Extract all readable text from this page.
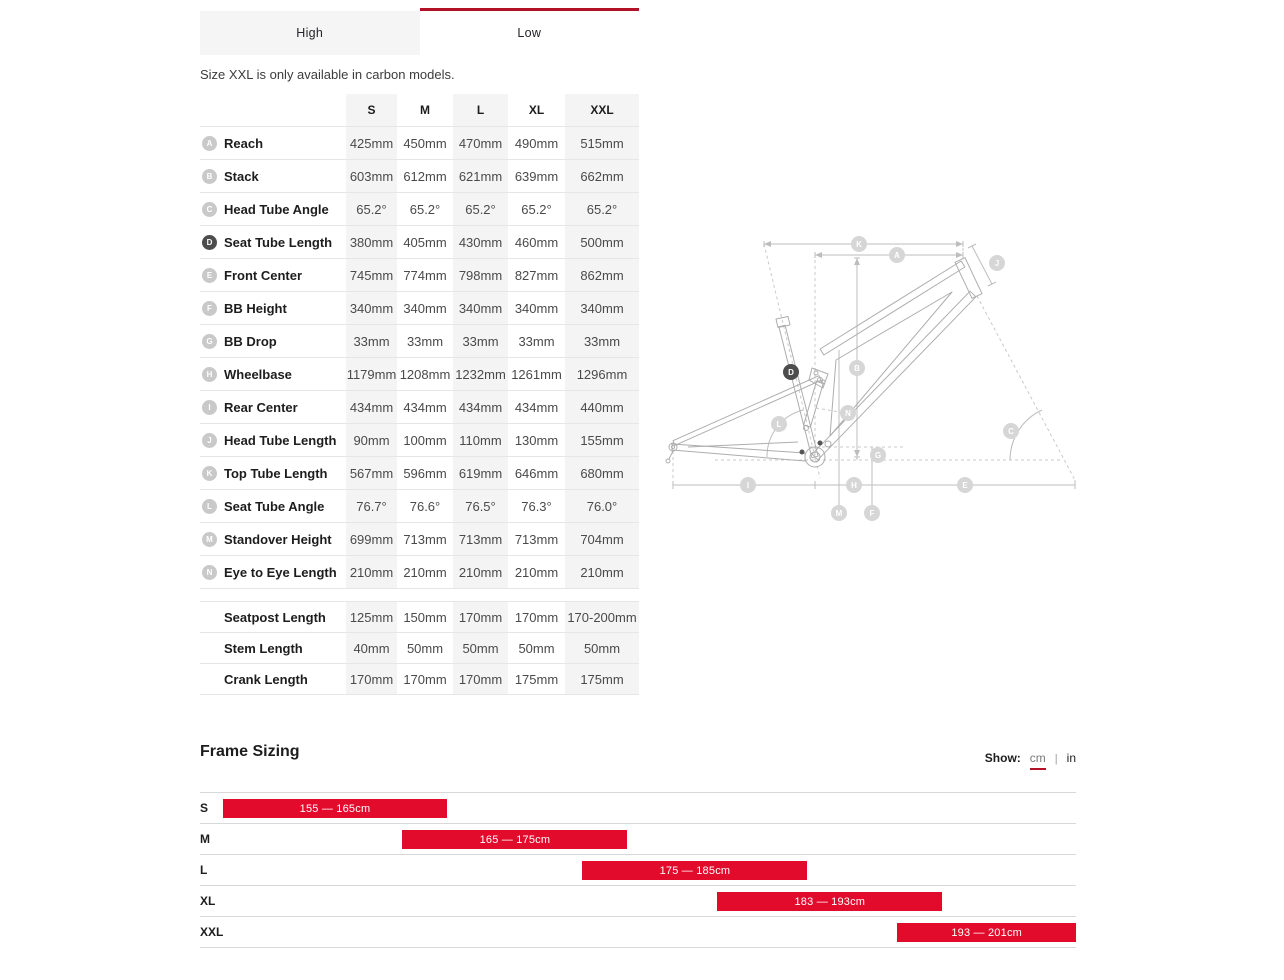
High	Low
Size XXL is only available in carbon models.
S	M	L	XL	XXL
A Reach	425mm 450mm 470mm 490mm	515mm
B Stack	603mm 612mm 621mm 639mm	662mm
C Head Tube Angle	65.2°	65.2°	65.2°	65.2°	65.2°
D Seat Tube Length 380mm 405mm 430mm 460mm	500mm
E Front Center	745mm 774mm 798mm 827mm	862mm
F BB Height	340mm 340mm 340mm 340mm	340mm
G BB Drop	33mm	33mm	33mm	33mm	33mm
H Wheelbase	1179mm 1208mm 1232mm 1261mm	1296mm
I	Rear Center	434mm 434mm 434mm 434mm	440mm
J Head Tube Length	90mm	100mm 110mm	130mm	155mm
K Top Tube Length 567mm 596mm 619mm 646mm	680mm
L Seat Tube Angle	76.7°	76.6°	76.5°	76.3°	76.0°
M Standover Height 699mm 713mm 713mm 713mm	704mm
N Eye to Eye Length 210mm 210mm 210mm 210mm	210mm
Seatpost Length 125mm 150mm 170mm 170mm 170-200mm
Stem Length	40mm	50mm	50mm	50mm	50mm
Crank Length	170mm 170mm 170mm 175mm	175mm
A
B
C
D
E
F
G
H
I
J
K
L
M
N
Frame Sizing	Show: cm | in
S	155 — 165cm
M	165 — 175cm
L	175 — 185cm
XL	183 — 193cm
XXL	193 — 201cm
